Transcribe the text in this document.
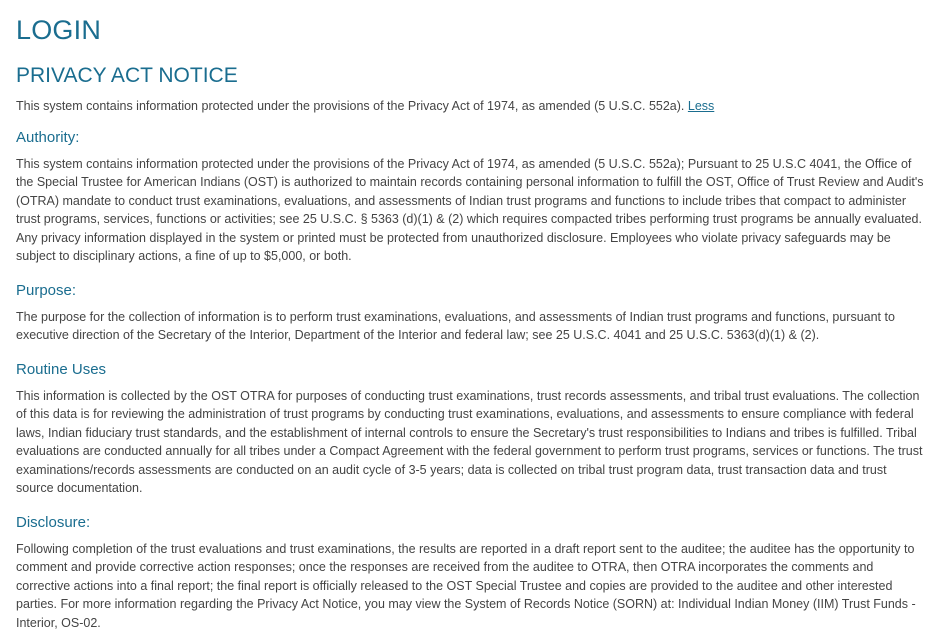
LOGIN
PRIVACY ACT NOTICE

This system contains information protected under the provisions of the Privacy Act of 1974, as amended (5 U.S.C. 552a). Less

Authority:

This system contains information protected under the provisions of the Privacy Act of 1974, as amended (5 U.S.C. 552a); Pursuant to 25 U.S.C 4041, the Office of the Special Trustee for American Indians (OST) is authorized to maintain records containing personal information to fulfill the OST, Office of Trust Review and Audit's (OTRA) mandate to conduct trust examinations, evaluations, and assessments of Indian trust programs and functions to include tribes that compact to administer trust programs, services, functions or activities; see 25 U.S.C. § 5363 (d)(1) & (2) which requires compacted tribes performing trust programs be annually evaluated. Any privacy information displayed in the system or printed must be protected from unauthorized disclosure. Employees who violate privacy safeguards may be subject to disciplinary actions, a fine of up to $5,000, or both.

Purpose:

The purpose for the collection of information is to perform trust examinations, evaluations, and assessments of Indian trust programs and functions, pursuant to executive direction of the Secretary of the Interior, Department of the Interior and federal law; see 25 U.S.C. 4041 and 25 U.S.C. 5363(d)(1) & (2).

Routine Uses

This information is collected by the OST OTRA for purposes of conducting trust examinations, trust records assessments, and tribal trust evaluations. The collection of this data is for reviewing the administration of trust programs by conducting trust examinations, evaluations, and assessments to ensure compliance with federal laws, Indian fiduciary trust standards, and the establishment of internal controls to ensure the Secretary's trust responsibilities to Indians and tribes is fulfilled. Tribal evaluations are conducted annually for all tribes under a Compact Agreement with the federal government to perform trust programs, services or functions. The trust examinations/records assessments are conducted on an audit cycle of 3-5 years; data is collected on tribal trust program data, trust transaction data and trust source documentation.

Disclosure:

Following completion of the trust evaluations and trust examinations, the results are reported in a draft report sent to the auditee; the auditee has the opportunity to comment and provide corrective action responses; once the responses are received from the auditee to OTRA, then OTRA incorporates the comments and corrective actions into a final report; the final report is officially released to the OST Special Trustee and copies are provided to the auditee and other interested parties. For more information regarding the Privacy Act Notice, you may view the System of Records Notice (SORN) at: Individual Indian Money (IIM) Trust Funds - Interior, OS-02.
